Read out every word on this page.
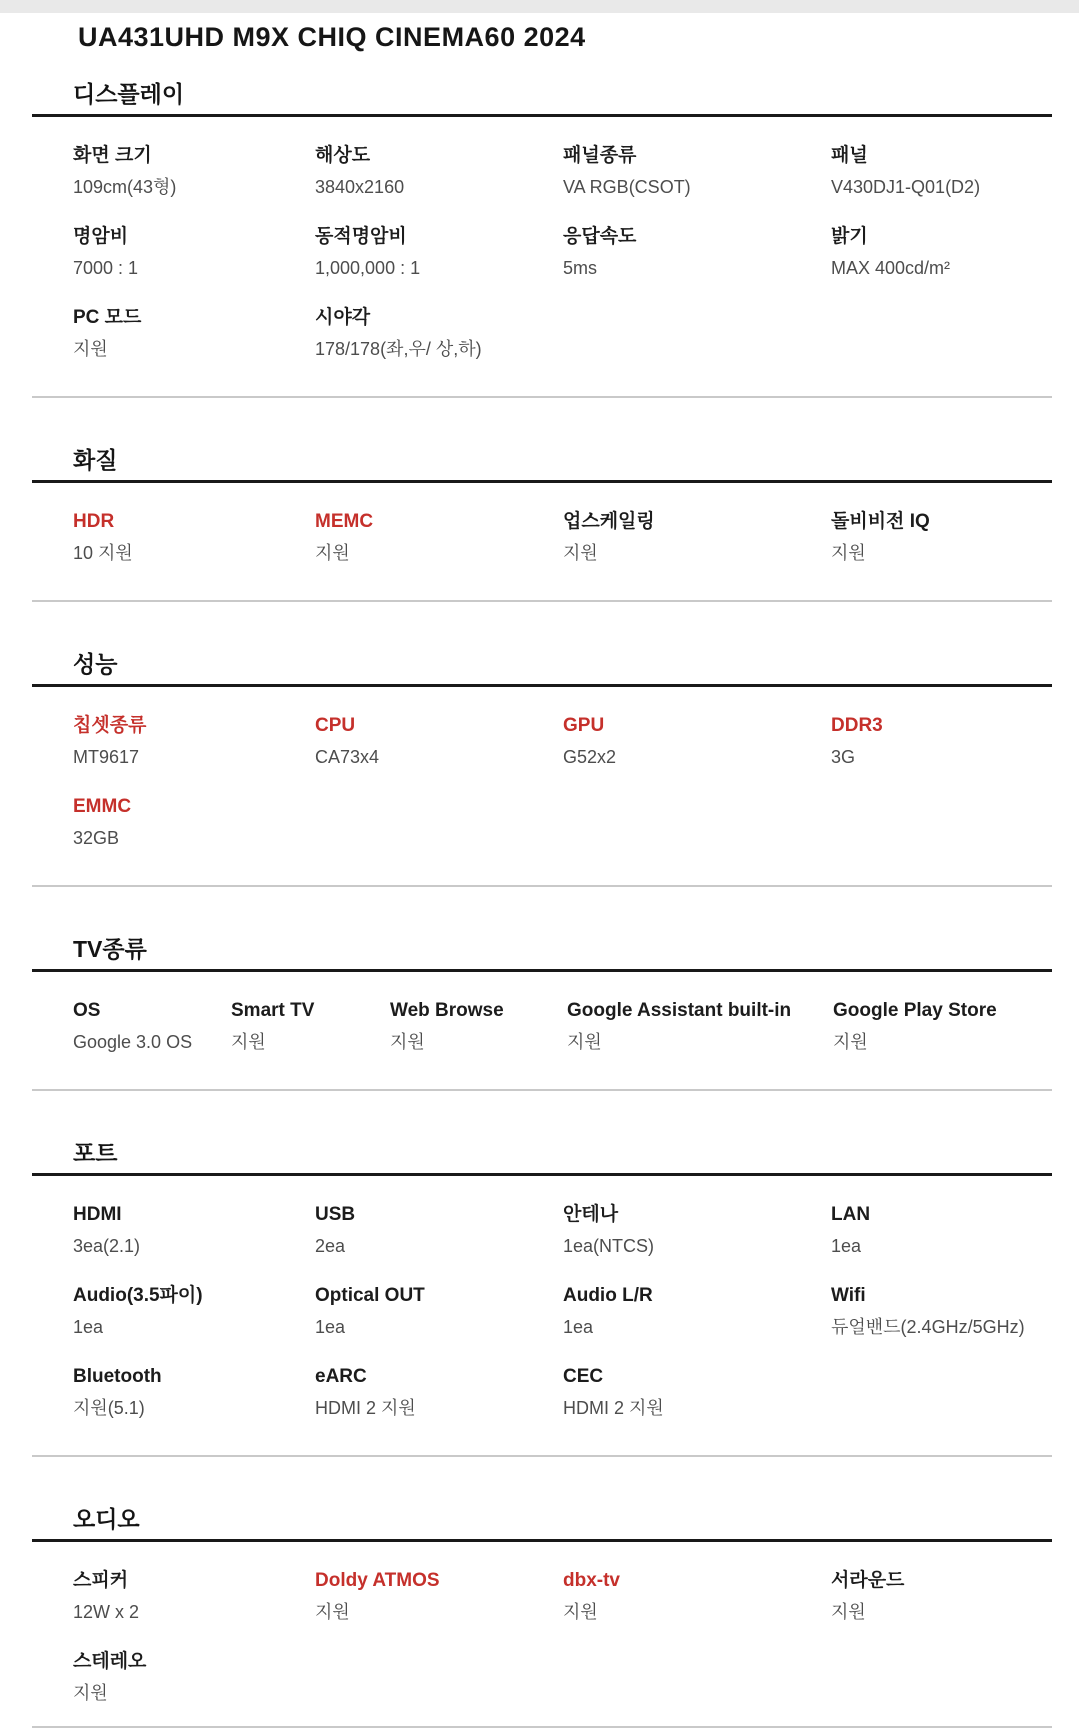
UA431UHD M9X CHIQ CINEMA60 2024
디스플레이
화면 크기
109cm(43형)
해상도
3840x2160
패널종류
VA RGB(CSOT)
패널
V430DJ1-Q01(D2)
명암비
7000 : 1
동적명암비
1,000,000 : 1
응답속도
5ms
밝기
MAX 400cd/m²
PC 모드
지원
시야각
178/178(좌,우/ 상,하)
화질
HDR
10 지원
MEMC
지원
업스케일링
지원
돌비비전 IQ
지원
성능
칩셋종류
MT9617
CPU
CA73x4
GPU
G52x2
DDR3
3G
EMMC
32GB
TV종류
OS
Google 3.0 OS
Smart TV
지원
Web Browse
지원
Google Assistant built-in
지원
Google Play Store
지원
포트
HDMI
3ea(2.1)
USB
2ea
안테나
1ea(NTCS)
LAN
1ea
Audio(3.5파이)
1ea
Optical OUT
1ea
Audio L/R
1ea
Wifi
듀얼밴드(2.4GHz/5GHz)
Bluetooth
지원(5.1)
eARC
HDMI 2 지원
CEC
HDMI 2 지원
오디오
스피커
12W x 2
Doldy ATMOS
지원
dbx-tv
지원
서라운드
지원
스테레오
지원
